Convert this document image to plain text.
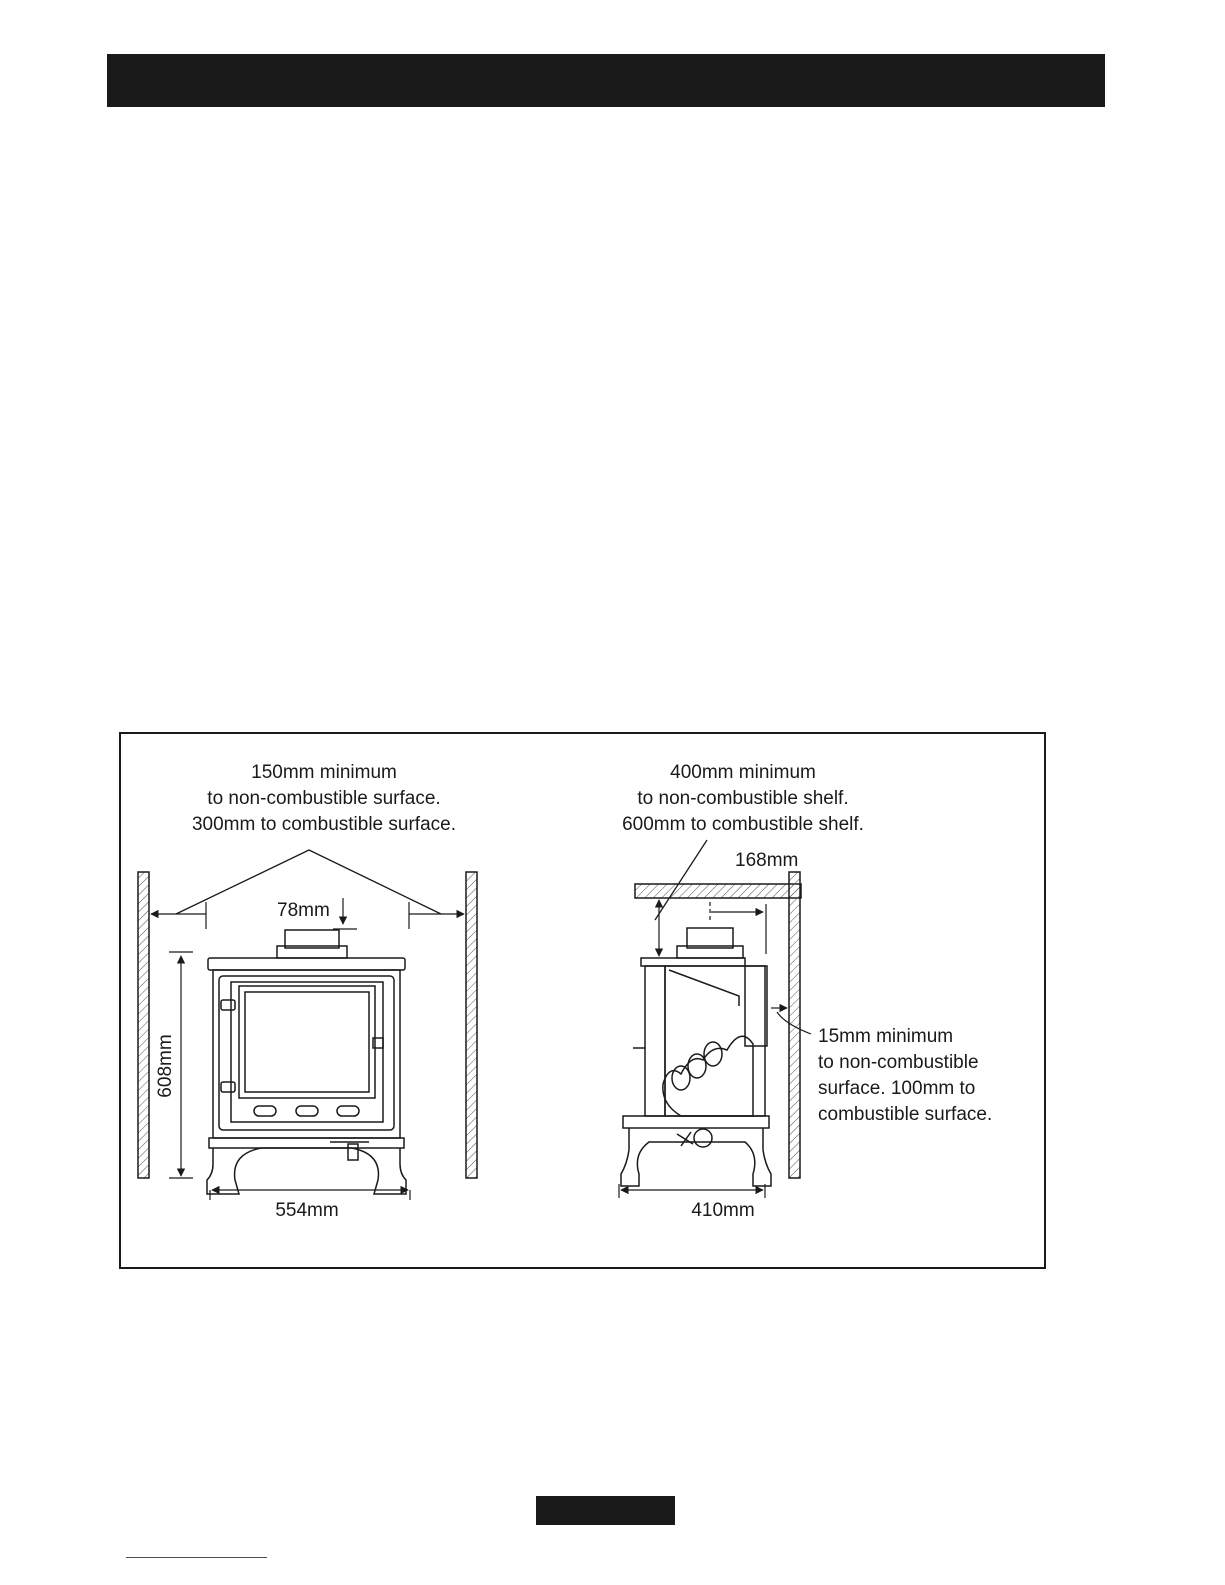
150mm minimum
to non-combustible surface.
300mm to combustible surface.
78mm
608mm
554mm
400mm minimum
to non-combustible shelf.
600mm to combustible shelf.
168mm
15mm minimum
to non-combustible
surface. 100mm to
combustible surface.
410mm
